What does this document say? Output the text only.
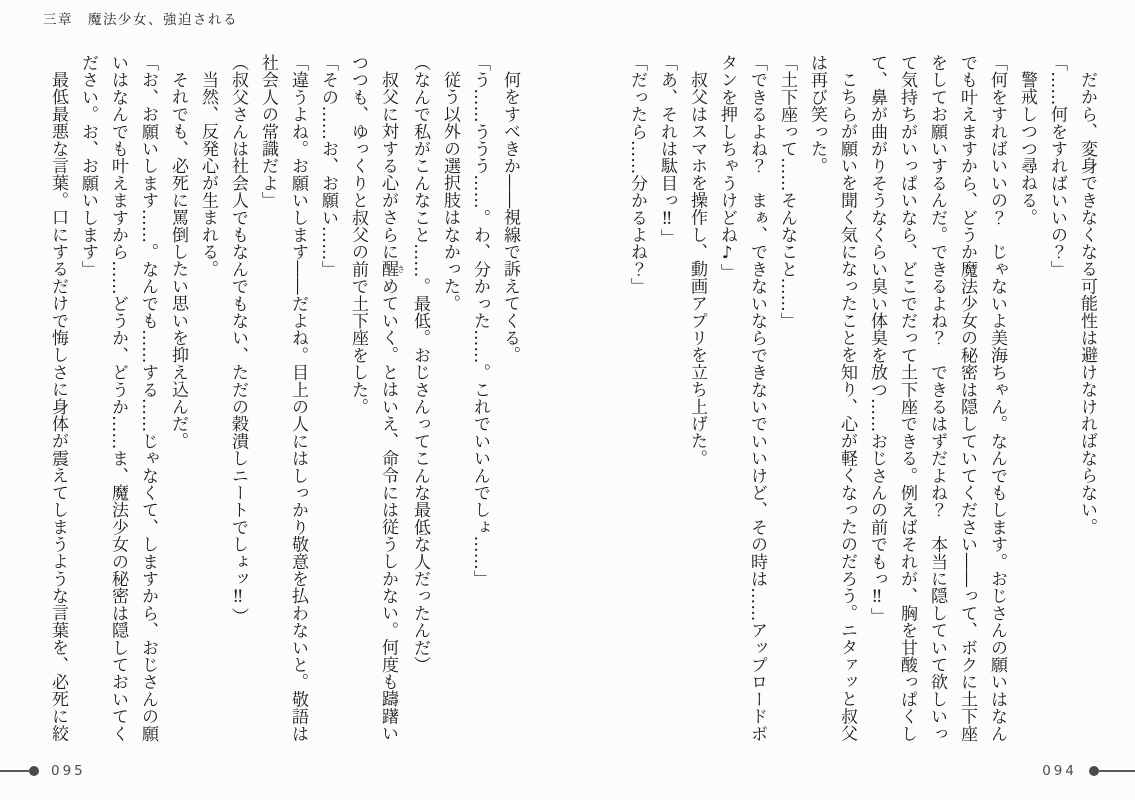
三章　魔法少女、強迫される

だから、変身できなくなる可能性は避けなければならない。

「……何をすればいいの？」

警戒しつつ尋ねる。

「何をすればいいの？　じゃないよ美海ちゃん。なんでもします。おじさんの願いはなんでも叶えますから、どうか魔法少女の秘密は隠していてください――って、ボクに土下座をしてお願いするんだ。できるよね？　できるはずだよね？　本当に隠していて欲しいって気持ちがいっぱいなら、どこでだって土下座できる。例えばそれが、胸を甘酸っぱくして、鼻が曲がりそうなくらい臭い体臭を放つ……おじさんの前でもっ‼」

こちらが願いを聞く気になったことを知り、心が軽くなったのだろう。ニタァッと叔父は再び笑った。

「土下座って……そんなこと……」

「できるよね？　まぁ、できないならできないでいいけど、その時は……アップロードボタンを押しちゃうけどね♪」

叔父はスマホを操作し、動画アプリを立ち上げた。

「あ、それは駄目っ‼」

「だったら……分かるよね？」

何をすべきか――視線で訴えてくる。

「う……ううう……。わ、分かった……。これでいいんでしょ……」

従う以外の選択肢はなかった。

（なんで私がこんなこと……。最低。おじさんってこんな最低な人だったんだ）

叔父に対する心がさらに醒さめていく。とはいえ、命令には従うしかない。何度も躊躇いつつも、ゆっくりと叔父の前で土下座をした。

「その……お、お願い……」

「違うよね。お願いします――だよね。目上の人にはしっかり敬意を払わないと。敬語は社会人の常識だよ」

（叔父さんは社会人でもなんでもない、ただの穀潰しニートでしょッ‼）

当然、反発心が生まれる。

それでも、必死に罵倒したい思いを抑え込んだ。

「お、お願いします……。なんでも……する……じゃなくて、しますから、おじさんの願いはなんでも叶えますから……どうか、どうか……ま、魔法少女の秘密は隠しておいてください。お、お願いします」

最低最悪な言葉。口にするだけで悔しさに身体が震えてしまうような言葉を、必死に絞

095	094
